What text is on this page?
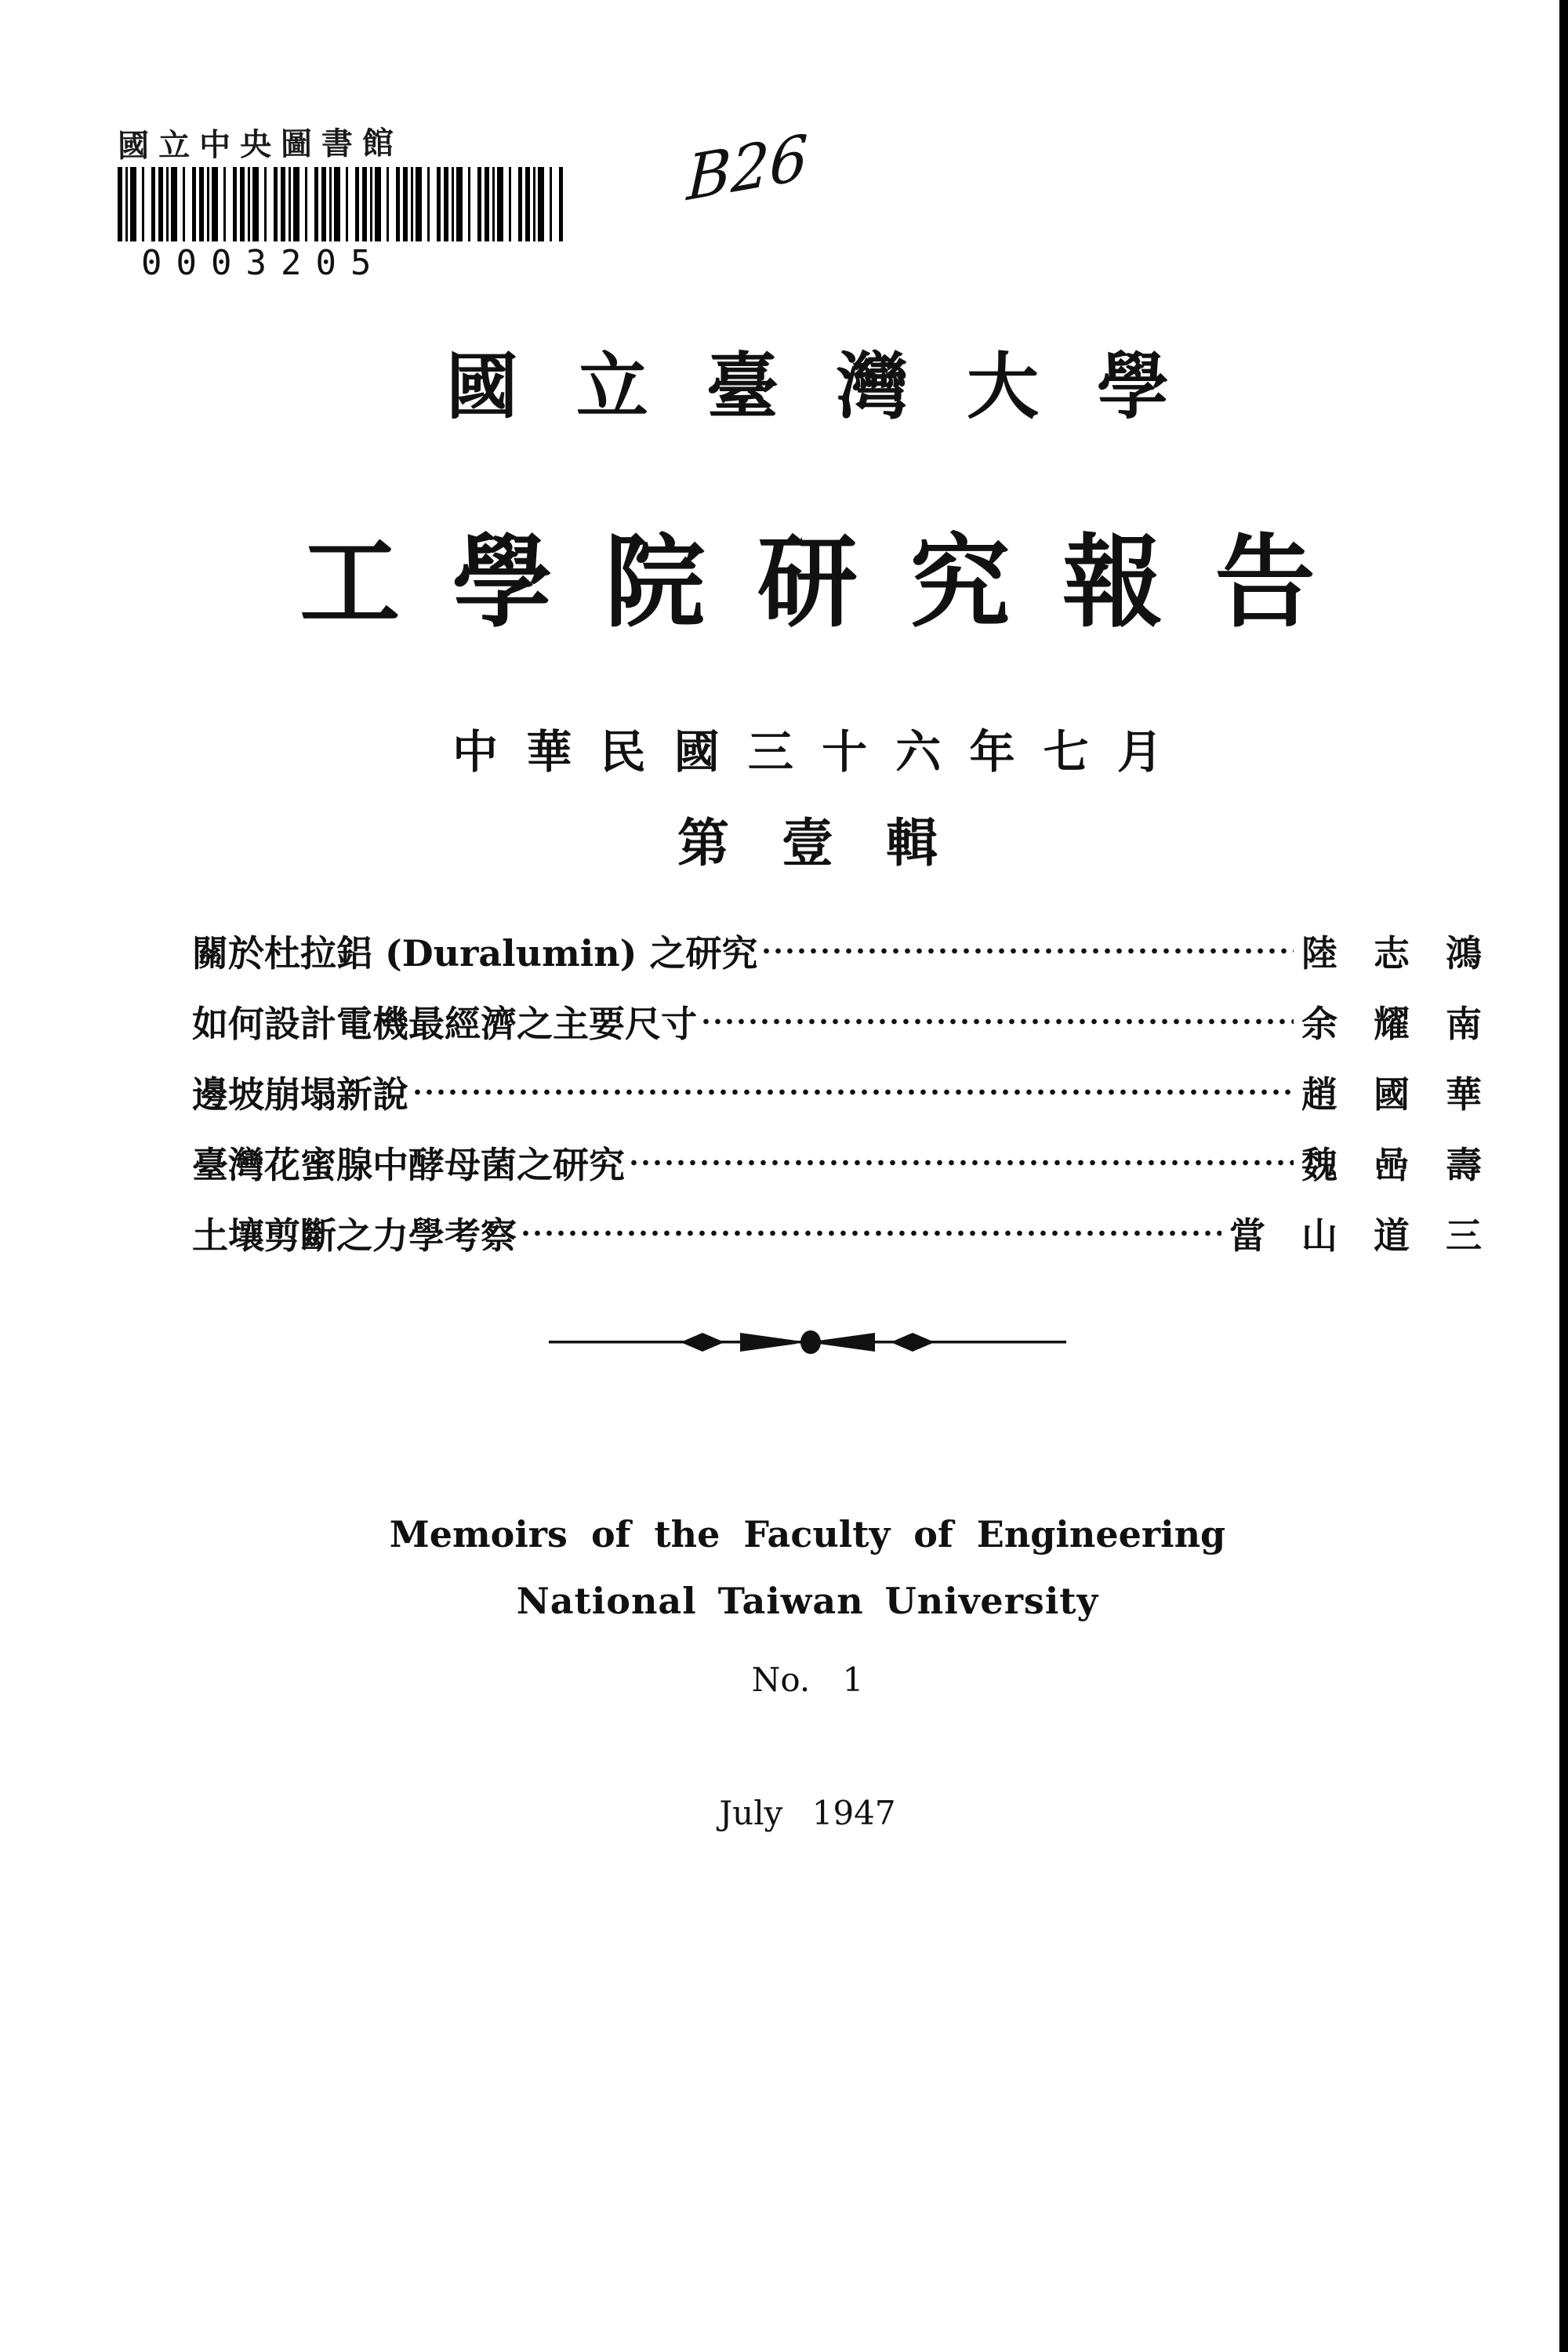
國立中央圖書館
0003205
B26
國 立 臺 灣 大 學
工 學 院 研 究 報 告
中 華 民 國 三 十 六 年 七 月
第 壹 輯
關於杜拉鋁 (Duralumin) 之研究	陸 志 鴻
如何設計電機最經濟之主要尺寸	余 耀 南
邊坡崩塌新說	趙 國 華
臺灣花蜜腺中酵母菌之研究	魏 喦 壽
土壤剪斷之力學考察	當 山 道 三
Memoirs of the Faculty of Engineering
National Taiwan University
No. 1
July 1947
